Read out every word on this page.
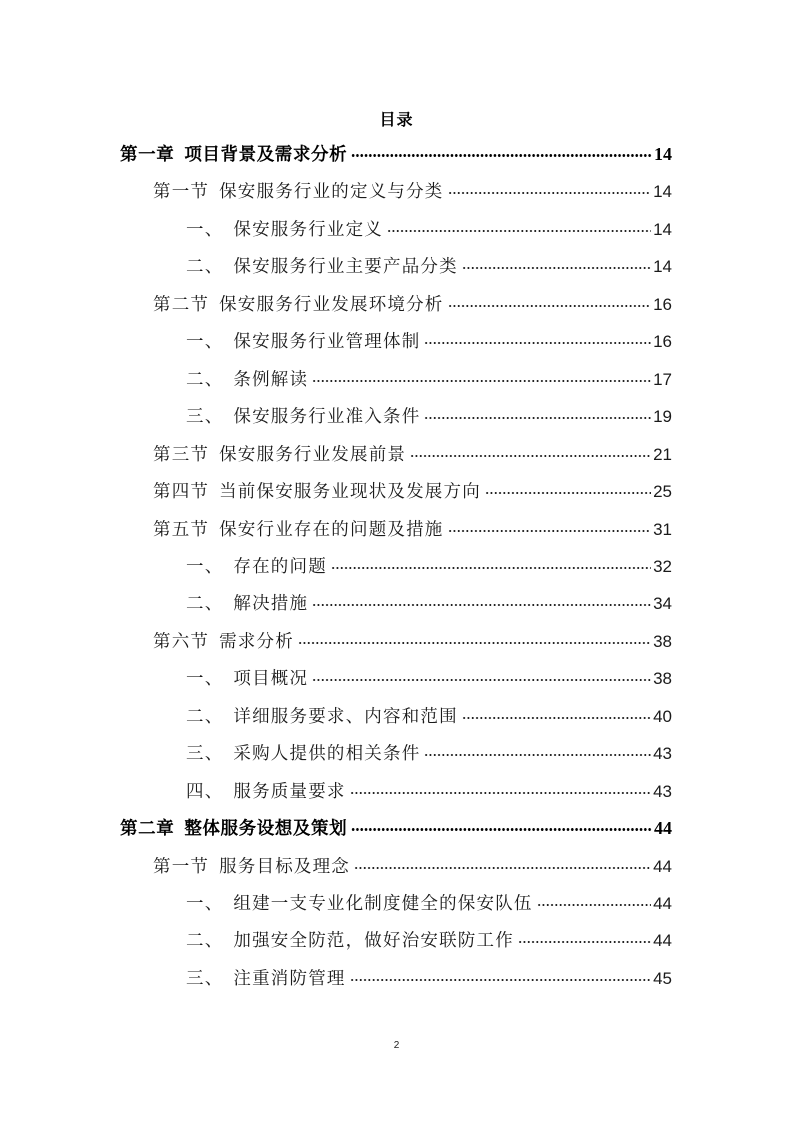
目录
第一章 项目背景及需求分析	14
第一节 保安服务行业的定义与分类	14
一、 保安服务行业定义	14
二、 保安服务行业主要产品分类	14
第二节 保安服务行业发展环境分析	16
一、 保安服务行业管理体制	16
二、 条例解读	17
三、 保安服务行业准入条件	19
第三节 保安服务行业发展前景	21
第四节 当前保安服务业现状及发展方向	25
第五节 保安行业存在的问题及措施	31
一、 存在的问题	32
二、 解决措施	34
第六节 需求分析	38
一、 项目概况	38
二、 详细服务要求、内容和范围	40
三、 采购人提供的相关条件	43
四、 服务质量要求	43
第二章 整体服务设想及策划	44
第一节 服务目标及理念	44
一、 组建一支专业化制度健全的保安队伍	44
二、 加强安全防范，做好治安联防工作	44
三、 注重消防管理	45
2
